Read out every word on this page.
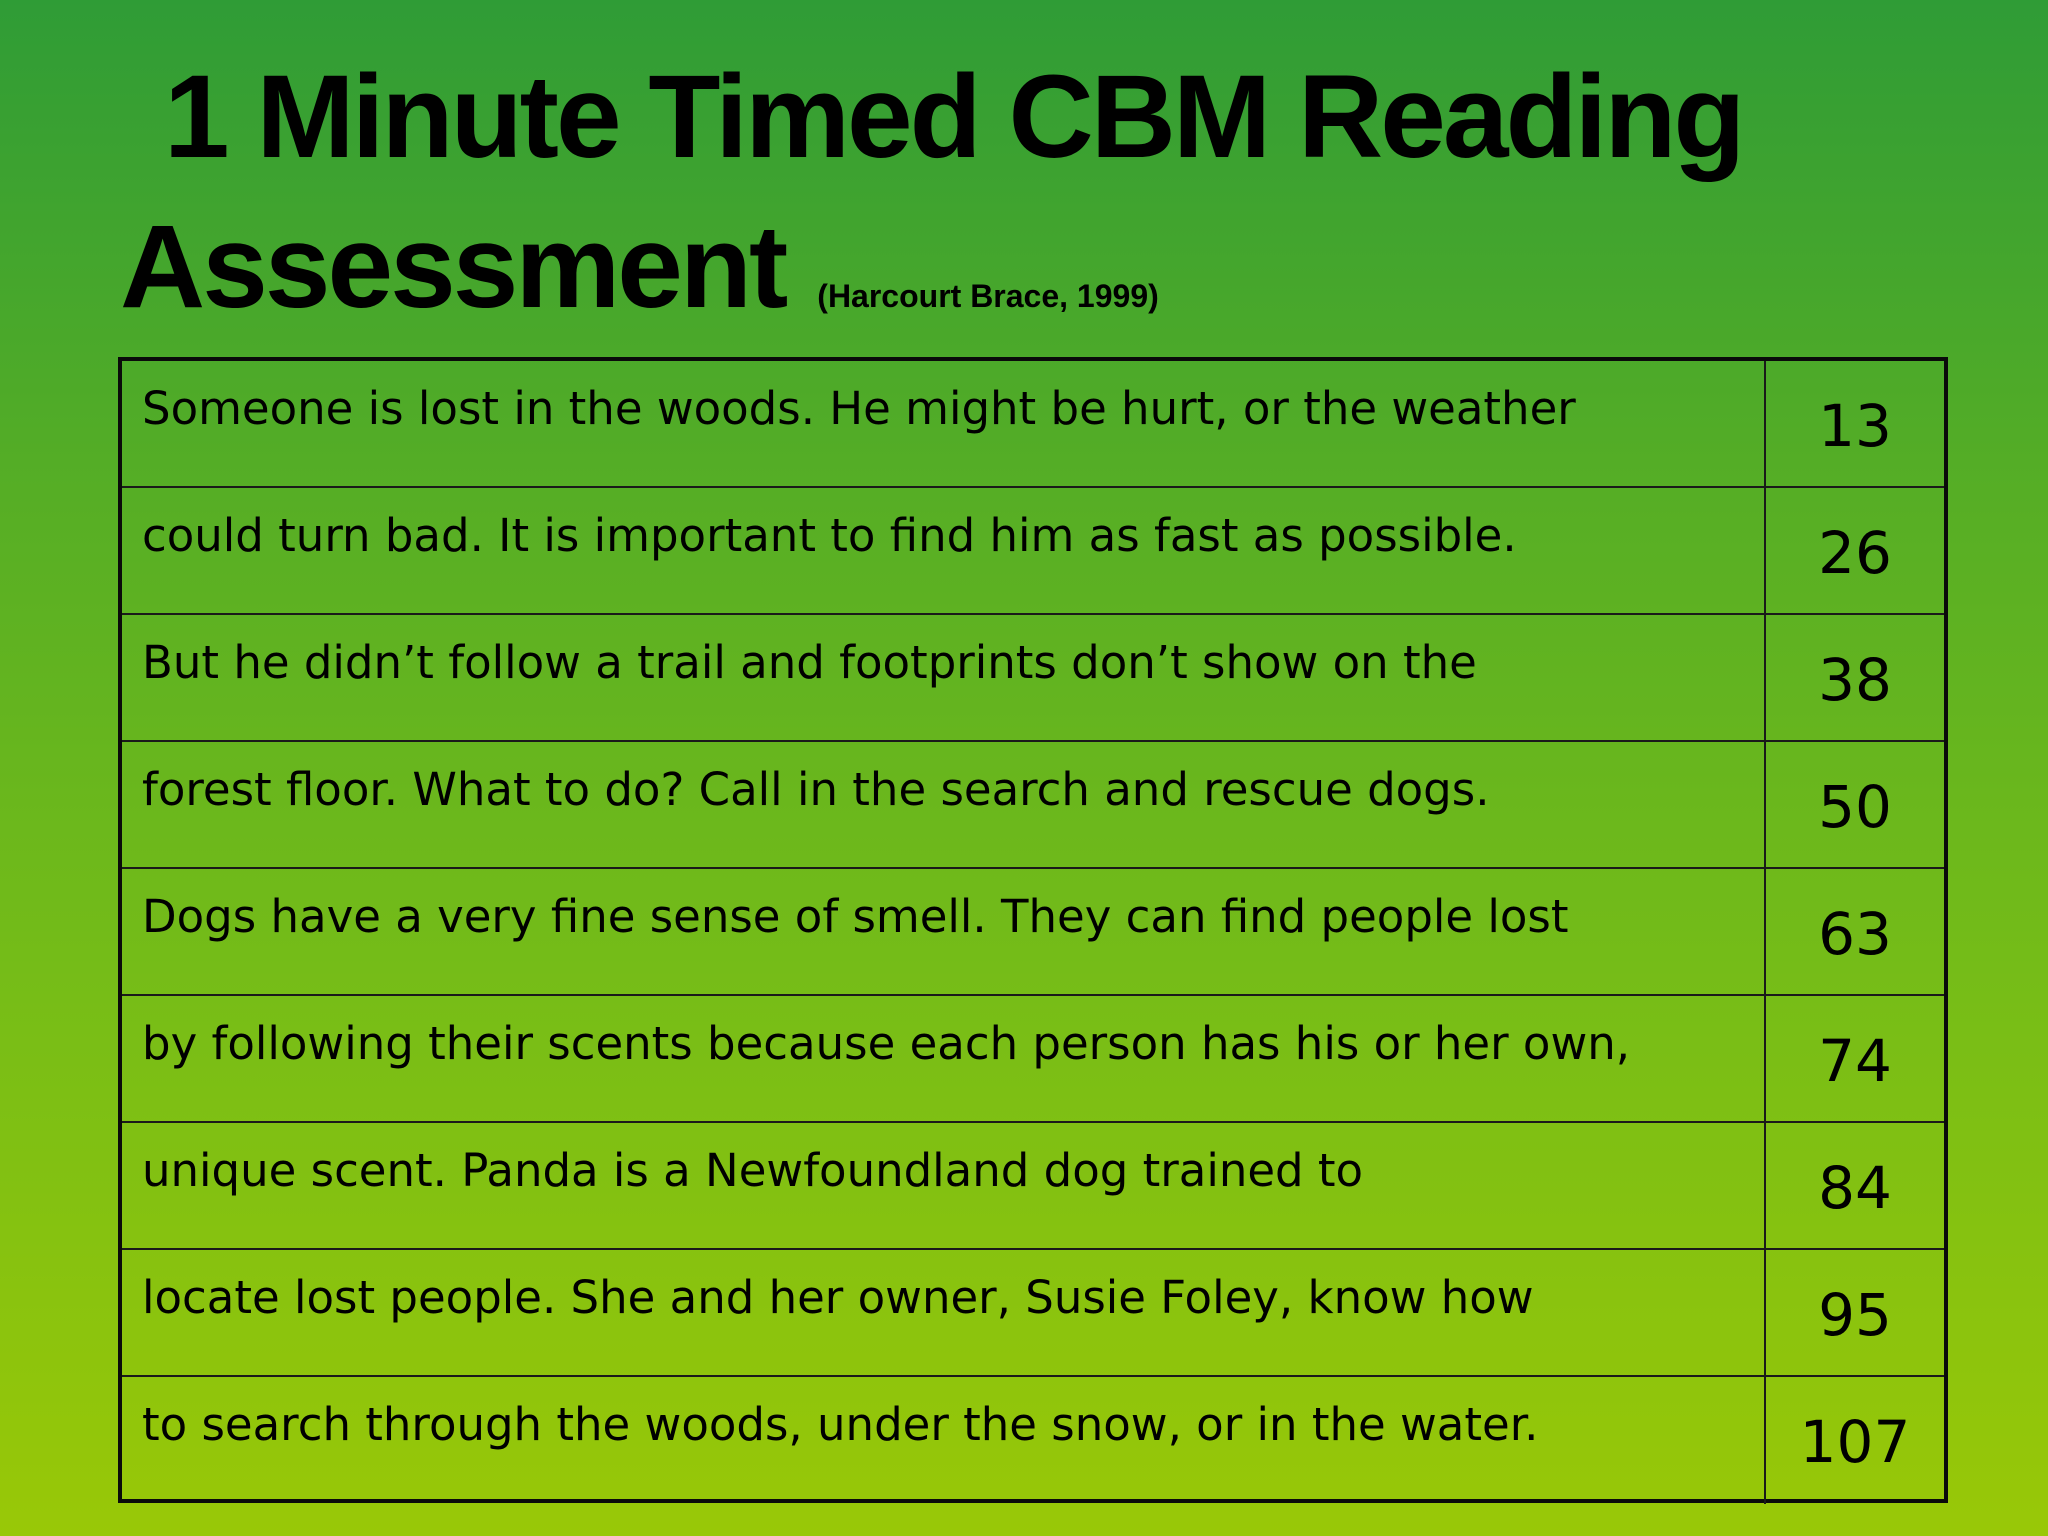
1 Minute Timed CBM Reading
Assessment (Harcourt Brace, 1999)
Someone is lost in the woods. He might be hurt, or the weather	13
could turn bad. It is important to find him as fast as possible.	26
But he didn’t follow a trail and footprints don’t show on the	38
forest floor. What to do? Call in the search and rescue dogs.	50
Dogs have a very fine sense of smell. They can find people lost	63
by following their scents because each person has his or her own,	74
unique scent. Panda is a Newfoundland dog trained to	84
locate lost people. She and her owner, Susie Foley, know how	95
to search through the woods, under the snow, or in the water.	107
